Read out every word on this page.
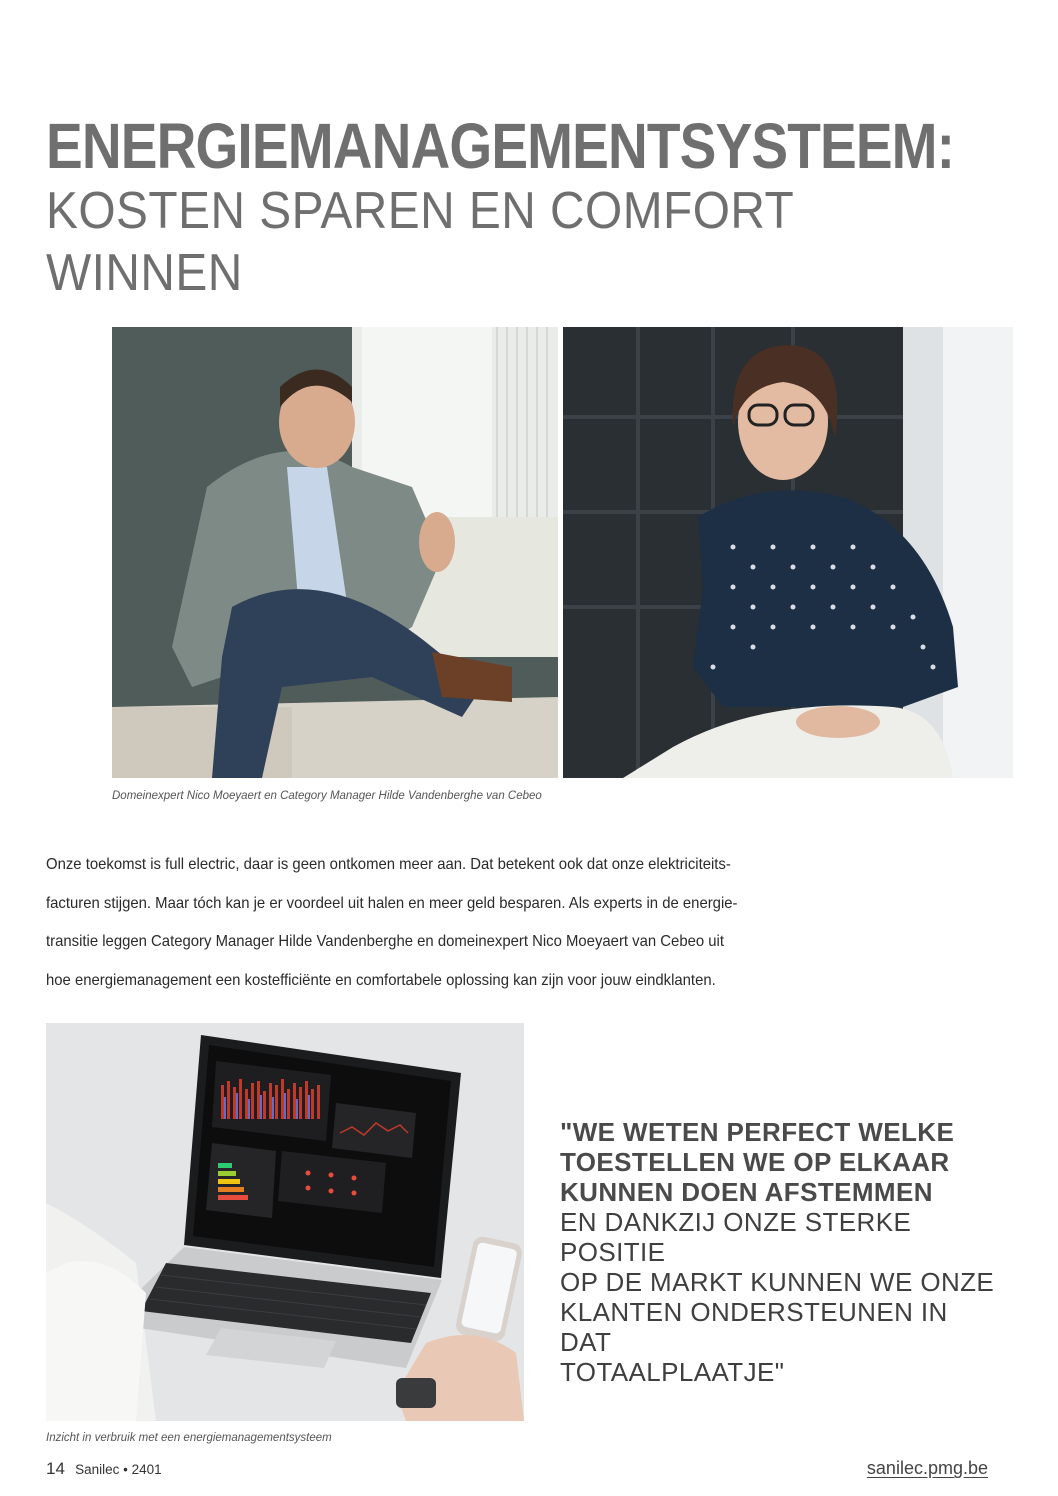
ENERGIEMANAGEMENTSYSTEEM:
KOSTEN SPAREN EN COMFORT WINNEN
Domeinexpert Nico Moeyaert en Category Manager Hilde Vandenberghe van Cebeo

Onze toekomst is full electric, daar is geen ontkomen meer aan. Dat betekent ook dat onze elektriciteits-

facturen stijgen. Maar tóch kan je er voordeel uit halen en meer geld besparen. Als experts in de energie-

transitie leggen Category Manager Hilde Vandenberghe en domeinexpert Nico Moeyaert van Cebeo uit

hoe energiemanagement een kostefficiënte en comfortabele oplossing kan zijn voor jouw eindklanten.

Inzicht in verbruik met een energiemanagementsysteem
"WE WETEN PERFECT WELKE
TOESTELLEN WE OP ELKAAR
KUNNEN DOEN AFSTEMMEN
EN DANKZIJ ONZE STERKE POSITIE
OP DE MARKT KUNNEN WE ONZE
KLANTEN ONDERSTEUNEN IN DAT
TOTAALPLAATJE"
14 Sanilec • 2401	sanilec.pmg.be
